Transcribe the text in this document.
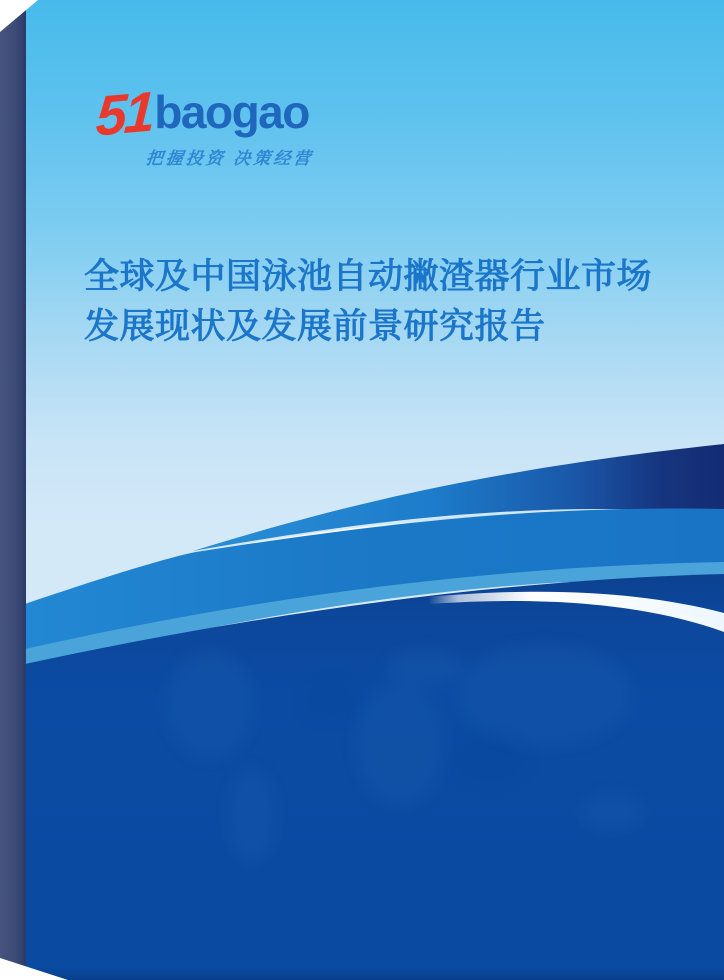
51 baogao
把握投资 决策经营
全球及中国泳池自动撇渣器行业市场
发展现状及发展前景研究报告
